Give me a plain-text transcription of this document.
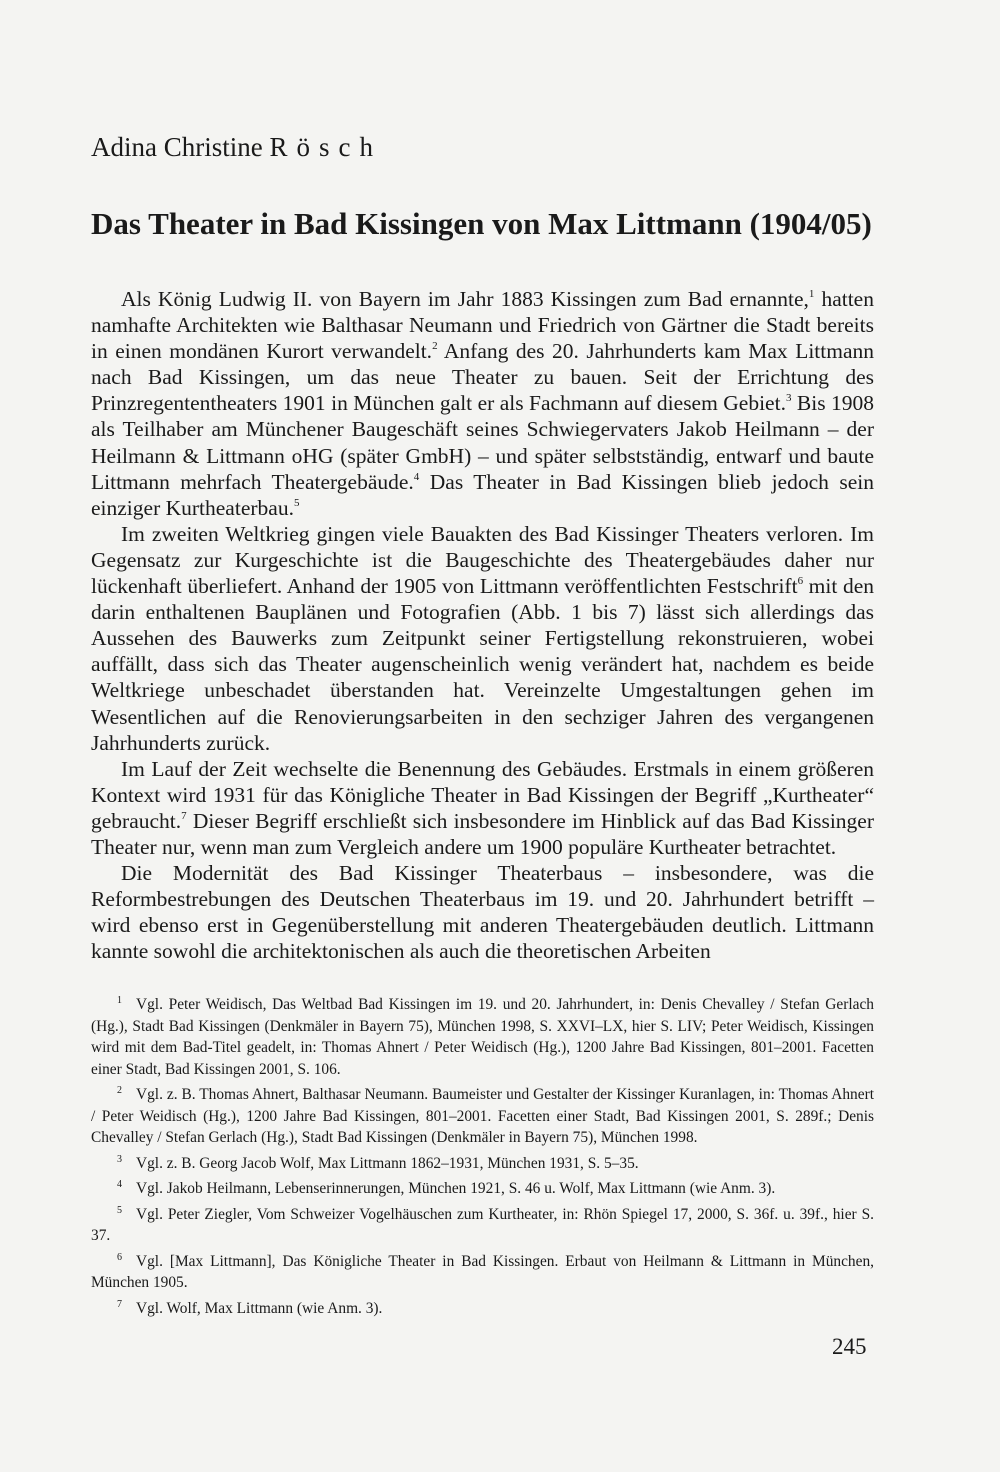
Adina Christine Rösch
Das Theater in Bad Kissingen von Max Littmann (1904/05)

Als König Ludwig II. von Bayern im Jahr 1883 Kissingen zum Bad ernannte,$^1$ hatten namhafte Architekten wie Balthasar Neumann und Friedrich von Gärtner die Stadt bereits in einen mondänen Kurort verwandelt.$^2$ Anfang des 20. Jahrhunderts kam Max Littmann nach Bad Kissingen, um das neue Theater zu bauen. Seit der Errichtung des Prinzregententheaters 1901 in München galt er als Fachmann auf diesem Gebiet.$^3$ Bis 1908 als Teilhaber am Münchener Baugeschäft seines Schwiegervaters Jakob Heilmann – der Heilmann & Littmann oHG (später GmbH) – und später selbstständig, entwarf und baute Littmann mehrfach Theatergebäude.$^4$ Das Theater in Bad Kissingen blieb jedoch sein einziger Kurtheaterbau.$^5$

Im zweiten Weltkrieg gingen viele Bauakten des Bad Kissinger Theaters verloren. Im Gegensatz zur Kurgeschichte ist die Baugeschichte des Theatergebäudes daher nur lückenhaft überliefert. Anhand der 1905 von Littmann veröffentlichten Festschrift$^6$ mit den darin enthaltenen Bauplänen und Fotografien (Abb. 1 bis 7) lässt sich allerdings das Aussehen des Bauwerks zum Zeitpunkt seiner Fertigstellung rekonstruieren, wobei auffällt, dass sich das Theater augenscheinlich wenig verändert hat, nachdem es beide Weltkriege unbeschadet überstanden hat. Vereinzelte Umgestaltungen gehen im Wesentlichen auf die Renovierungsarbeiten in den sechziger Jahren des vergangenen Jahrhunderts zurück.

Im Lauf der Zeit wechselte die Benennung des Gebäudes. Erstmals in einem größeren Kontext wird 1931 für das Königliche Theater in Bad Kissingen der Begriff „Kurtheater“ gebraucht.$^7$ Dieser Begriff erschließt sich insbesondere im Hinblick auf das Bad Kissinger Theater nur, wenn man zum Vergleich andere um 1900 populäre Kurtheater betrachtet.

Die Modernität des Bad Kissinger Theaterbaus – insbesondere, was die Reformbestrebungen des Deutschen Theaterbaus im 19. und 20. Jahrhundert betrifft – wird ebenso erst in Gegenüberstellung mit anderen Theatergebäuden deutlich. Littmann kannte sowohl die architektonischen als auch die theoretischen Arbeiten

$^1$ Vgl. Peter Weidisch, Das Weltbad Bad Kissingen im 19. und 20. Jahrhundert, in: Denis Chevalley / Stefan Gerlach (Hg.), Stadt Bad Kissingen (Denkmäler in Bayern 75), München 1998, S. XXVI–LX, hier S. LIV; Peter Weidisch, Kissingen wird mit dem Bad-Titel geadelt, in: Thomas Ahnert / Peter Weidisch (Hg.), 1200 Jahre Bad Kissingen, 801–2001. Facetten einer Stadt, Bad Kissingen 2001, S. 106.

$^2$ Vgl. z. B. Thomas Ahnert, Balthasar Neumann. Baumeister und Gestalter der Kissinger Kuranlagen, in: Thomas Ahnert / Peter Weidisch (Hg.), 1200 Jahre Bad Kissingen, 801–2001. Facetten einer Stadt, Bad Kissingen 2001, S. 289f.; Denis Chevalley / Stefan Gerlach (Hg.), Stadt Bad Kissingen (Denkmäler in Bayern 75), München 1998.

$^3$ Vgl. z. B. Georg Jacob Wolf, Max Littmann 1862–1931, München 1931, S. 5–35.

$^4$ Vgl. Jakob Heilmann, Lebenserinnerungen, München 1921, S. 46 u. Wolf, Max Littmann (wie Anm. 3).

$^5$ Vgl. Peter Ziegler, Vom Schweizer Vogelhäuschen zum Kurtheater, in: Rhön Spiegel 17, 2000, S. 36f. u. 39f., hier S. 37.

$^6$ Vgl. [Max Littmann], Das Königliche Theater in Bad Kissingen. Erbaut von Heilmann & Littmann in München, München 1905.

$^7$ Vgl. Wolf, Max Littmann (wie Anm. 3).

245
